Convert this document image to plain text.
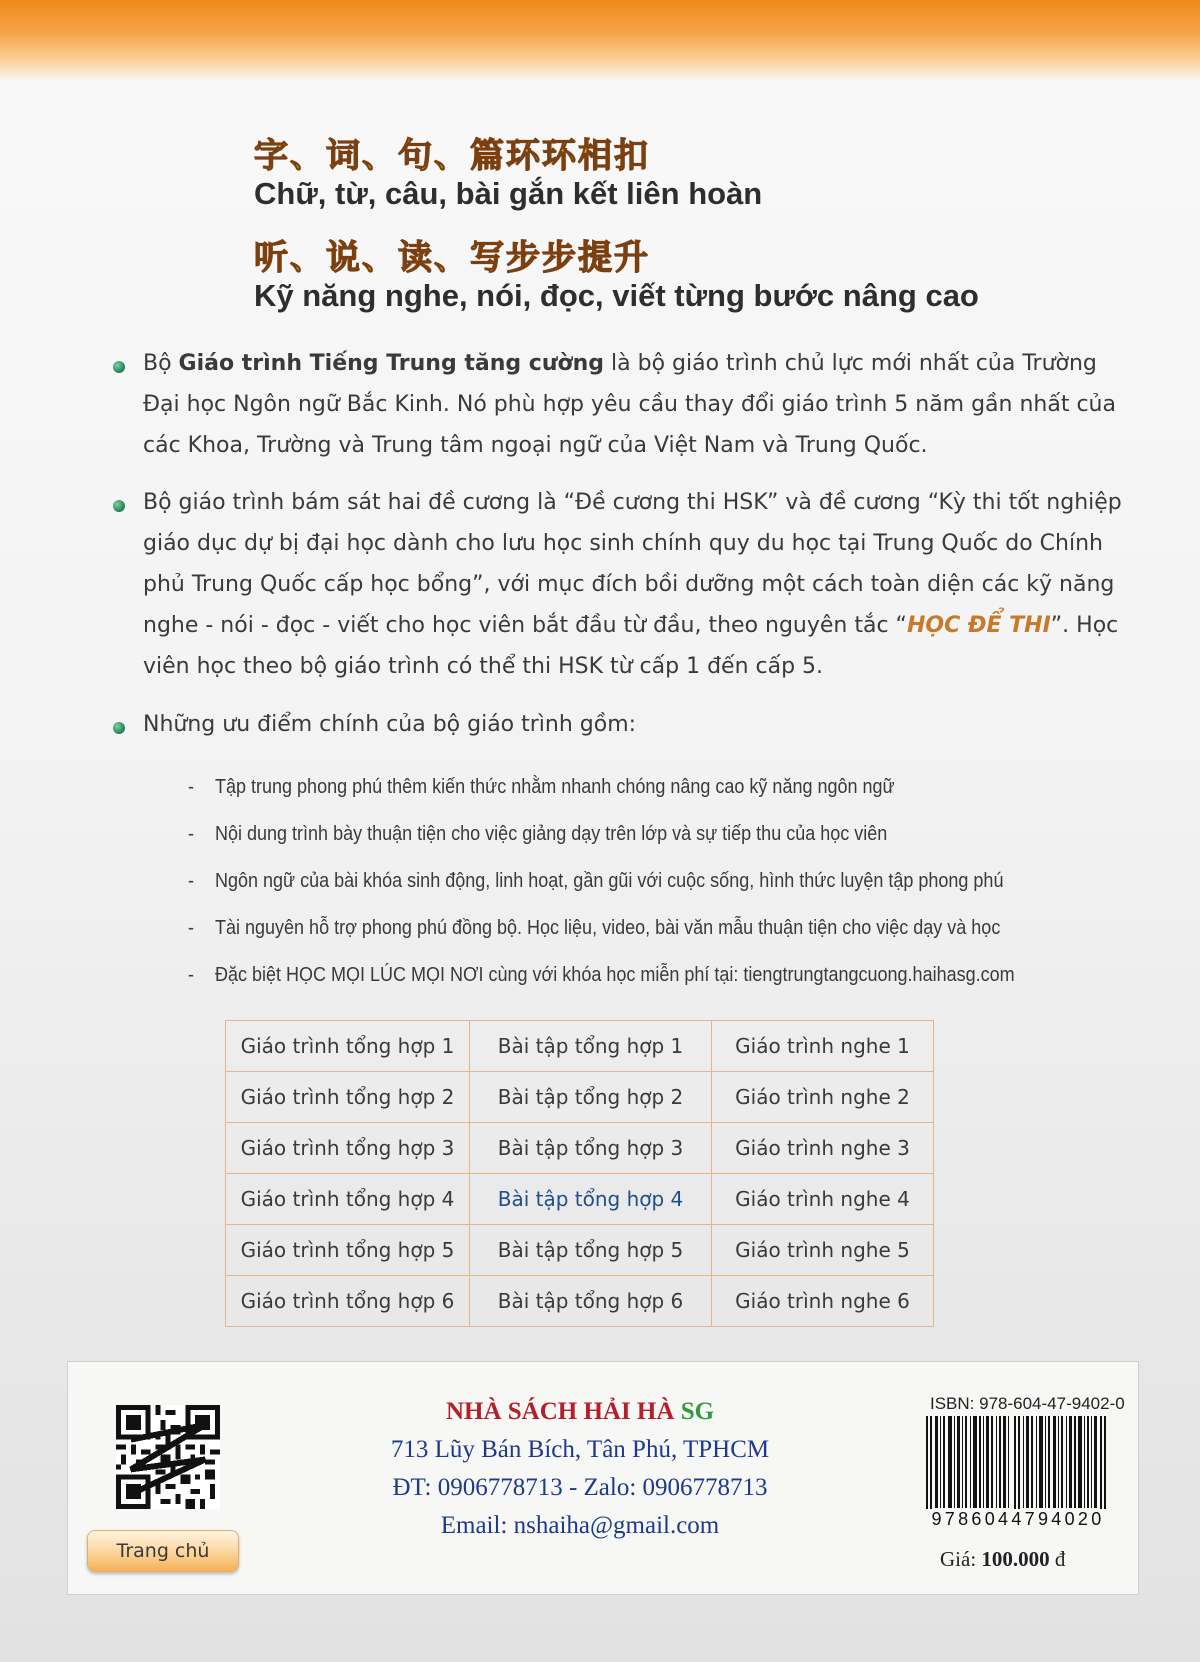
字、词、句、篇环环相扣
Chữ, từ, câu, bài gắn kết liên hoàn
听、说、读、写步步提升
Kỹ năng nghe, nói, đọc, viết từng bước nâng cao
Bộ Giáo trình Tiếng Trung tăng cường là bộ giáo trình chủ lực mới nhất của Trường Đại học Ngôn ngữ Bắc Kinh. Nó phù hợp yêu cầu thay đổi giáo trình 5 năm gần nhất của các Khoa, Trường và Trung tâm ngoại ngữ của Việt Nam và Trung Quốc.
Bộ giáo trình bám sát hai đề cương là “Đề cương thi HSK” và đề cương “Kỳ thi tốt nghiệp giáo dục dự bị đại học dành cho lưu học sinh chính quy du học tại Trung Quốc do Chính phủ Trung Quốc cấp học bổng”, với mục đích bồi dưỡng một cách toàn diện các kỹ năng nghe - nói - đọc - viết cho học viên bắt đầu từ đầu, theo nguyên tắc “HỌC ĐỂ THI”. Học viên học theo bộ giáo trình có thể thi HSK từ cấp 1 đến cấp 5.
Những ưu điểm chính của bộ giáo trình gồm:
- Tập trung phong phú thêm kiến thức nhằm nhanh chóng nâng cao kỹ năng ngôn ngữ
- Nội dung trình bày thuận tiện cho việc giảng dạy trên lớp và sự tiếp thu của học viên
- Ngôn ngữ của bài khóa sinh động, linh hoạt, gần gũi với cuộc sống, hình thức luyện tập phong phú
- Tài nguyên hỗ trợ phong phú đồng bộ. Học liệu, video, bài văn mẫu thuận tiện cho việc dạy và học
- Đặc biệt HỌC MỌI LÚC MỌI NƠI cùng với khóa học miễn phí tại: tiengtrungtangcuong.haihasg.com
Giáo trình tổng hợp 1	Bài tập tổng hợp 1	Giáo trình nghe 1
Giáo trình tổng hợp 2	Bài tập tổng hợp 2	Giáo trình nghe 2
Giáo trình tổng hợp 3	Bài tập tổng hợp 3	Giáo trình nghe 3
Giáo trình tổng hợp 4	Bài tập tổng hợp 4	Giáo trình nghe 4
Giáo trình tổng hợp 5	Bài tập tổng hợp 5	Giáo trình nghe 5
Giáo trình tổng hợp 6	Bài tập tổng hợp 6	Giáo trình nghe 6
Trang chủ
NHÀ SÁCH HẢI HÀ SG
713 Lũy Bán Bích, Tân Phú, TPHCM
ĐT: 0906778713 - Zalo: 0906778713
Email: nshaiha@gmail.com
ISBN: 978-604-47-9402-0
9786044794020
Giá: 100.000 đ
